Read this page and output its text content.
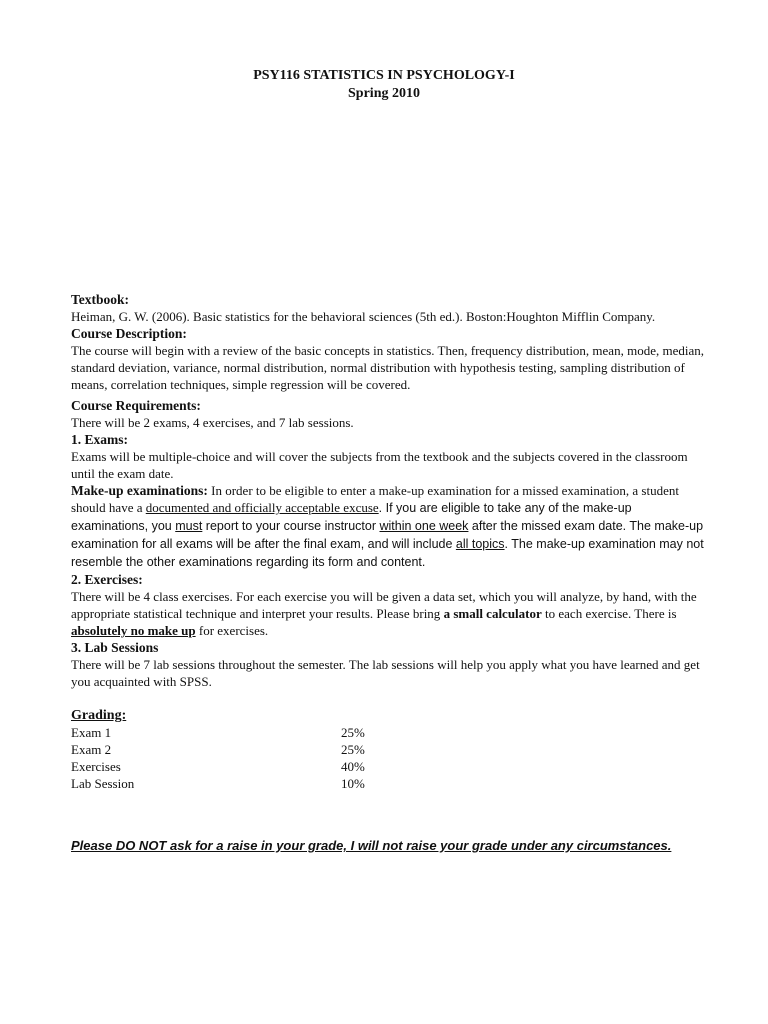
PSY116 STATISTICS IN PSYCHOLOGY-I
Spring 2010

Textbook:

Heiman, G. W. (2006). Basic statistics for the behavioral sciences (5th ed.). Boston:Houghton Mifflin Company.

Course Description:

The course will begin with a review of the basic concepts in statistics. Then, frequency distribution, mean, mode, median, standard deviation, variance, normal distribution, normal distribution with hypothesis testing, sampling distribution of means, correlation techniques, simple regression will be covered.

Course Requirements:

There will be 2 exams, 4 exercises, and 7 lab sessions.

1. Exams:

Exams will be multiple-choice and will cover the subjects from the textbook and the subjects covered in the classroom until the exam date.

Make-up examinations: In order to be eligible to enter a make-up examination for a missed examination, a student should have a documented and officially acceptable excuse. If you are eligible to take any of the make-up examinations, you must report to your course instructor within one week after the missed exam date. The make-up examination for all exams will be after the final exam, and will include all topics. The make-up examination may not resemble the other examinations regarding its form and content.

2. Exercises:

There will be 4 class exercises. For each exercise you will be given a data set, which you will analyze, by hand, with the appropriate statistical technique and interpret your results. Please bring a small calculator to each exercise. There is absolutely no make up for exercises.

3. Lab Sessions

There will be 7 lab sessions throughout the semester. The lab sessions will help you apply what you have learned and get you acquainted with SPSS.

Grading:

Exam 1	25%
Exam 2	25%
Exercises	40%
Lab Session	10%
Please DO NOT ask for a raise in your grade, I will not raise your grade under any circumstances.
